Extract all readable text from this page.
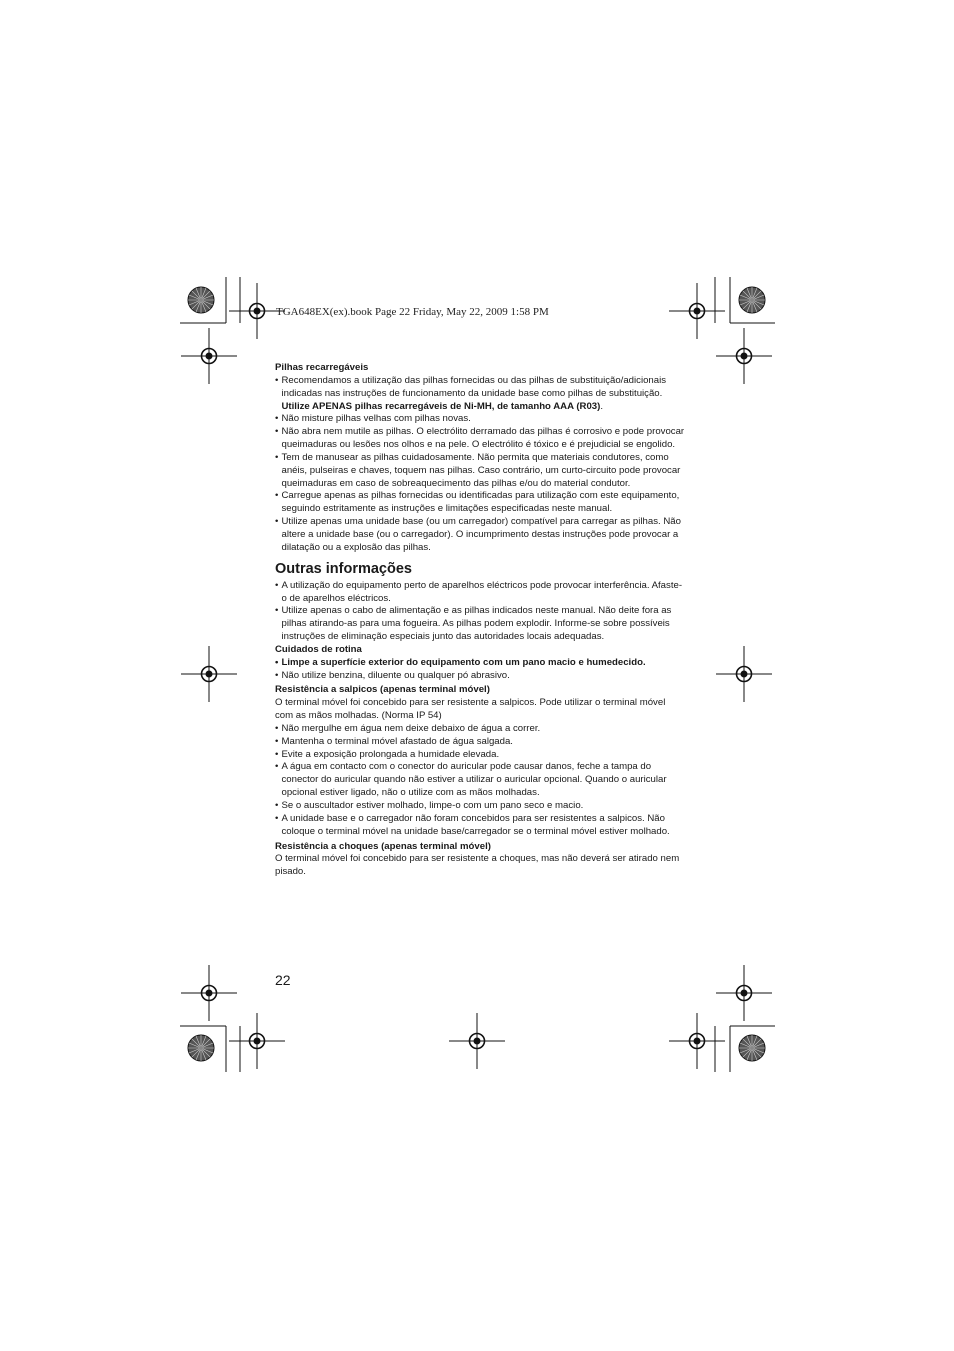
TGA648EX(ex).book Page 22 Friday, May 22, 2009 1:58 PM
Pilhas recarregáveis
• Recomendamos a utilização das pilhas fornecidas ou das pilhas de substituição/adicionais indicadas nas instruções de funcionamento da unidade base como pilhas de substituição.
Utilize APENAS pilhas recarregáveis de Ni-MH, de tamanho AAA (R03).
• Não misture pilhas velhas com pilhas novas.
• Não abra nem mutile as pilhas. O electrólito derramado das pilhas é corrosivo e pode provocar queimaduras ou lesões nos olhos e na pele. O electrólito é tóxico e é prejudicial se engolido.
• Tem de manusear as pilhas cuidadosamente. Não permita que materiais condutores, como anéis, pulseiras e chaves, toquem nas pilhas. Caso contrário, um curto-circuito pode provocar queimaduras em caso de sobreaquecimento das pilhas e/ou do material condutor.
• Carregue apenas as pilhas fornecidas ou identificadas para utilização com este equipamento, seguindo estritamente as instruções e limitações especificadas neste manual.
• Utilize apenas uma unidade base (ou um carregador) compatível para carregar as pilhas. Não altere a unidade base (ou o carregador). O incumprimento destas instruções pode provocar a dilatação ou a explosão das pilhas.
Outras informações
• A utilização do equipamento perto de aparelhos eléctricos pode provocar interferência. Afaste-o de aparelhos eléctricos.
• Utilize apenas o cabo de alimentação e as pilhas indicados neste manual. Não deite fora as pilhas atirando-as para uma fogueira. As pilhas podem explodir. Informe-se sobre possíveis instruções de eliminação especiais junto das autoridades locais adequadas.
Cuidados de rotina
• Limpe a superfície exterior do equipamento com um pano macio e humedecido.
• Não utilize benzina, diluente ou qualquer pó abrasivo.
Resistência a salpicos (apenas terminal móvel)

O terminal móvel foi concebido para ser resistente a salpicos. Pode utilizar o terminal móvel com as mãos molhadas. (Norma IP 54)

• Não mergulhe em água nem deixe debaixo de água a correr.
• Mantenha o terminal móvel afastado de água salgada.
• Evite a exposição prolongada a humidade elevada.
• A água em contacto com o conector do auricular pode causar danos, feche a tampa do conector do auricular quando não estiver a utilizar o auricular opcional. Quando o auricular opcional estiver ligado, não o utilize com as mãos molhadas.
• Se o auscultador estiver molhado, limpe-o com um pano seco e macio.
• A unidade base e o carregador não foram concebidos para ser resistentes a salpicos. Não coloque o terminal móvel na unidade base/carregador se o terminal móvel estiver molhado.
Resistência a choques (apenas terminal móvel)

O terminal móvel foi concebido para ser resistente a choques, mas não deverá ser atirado nem pisado.

22
